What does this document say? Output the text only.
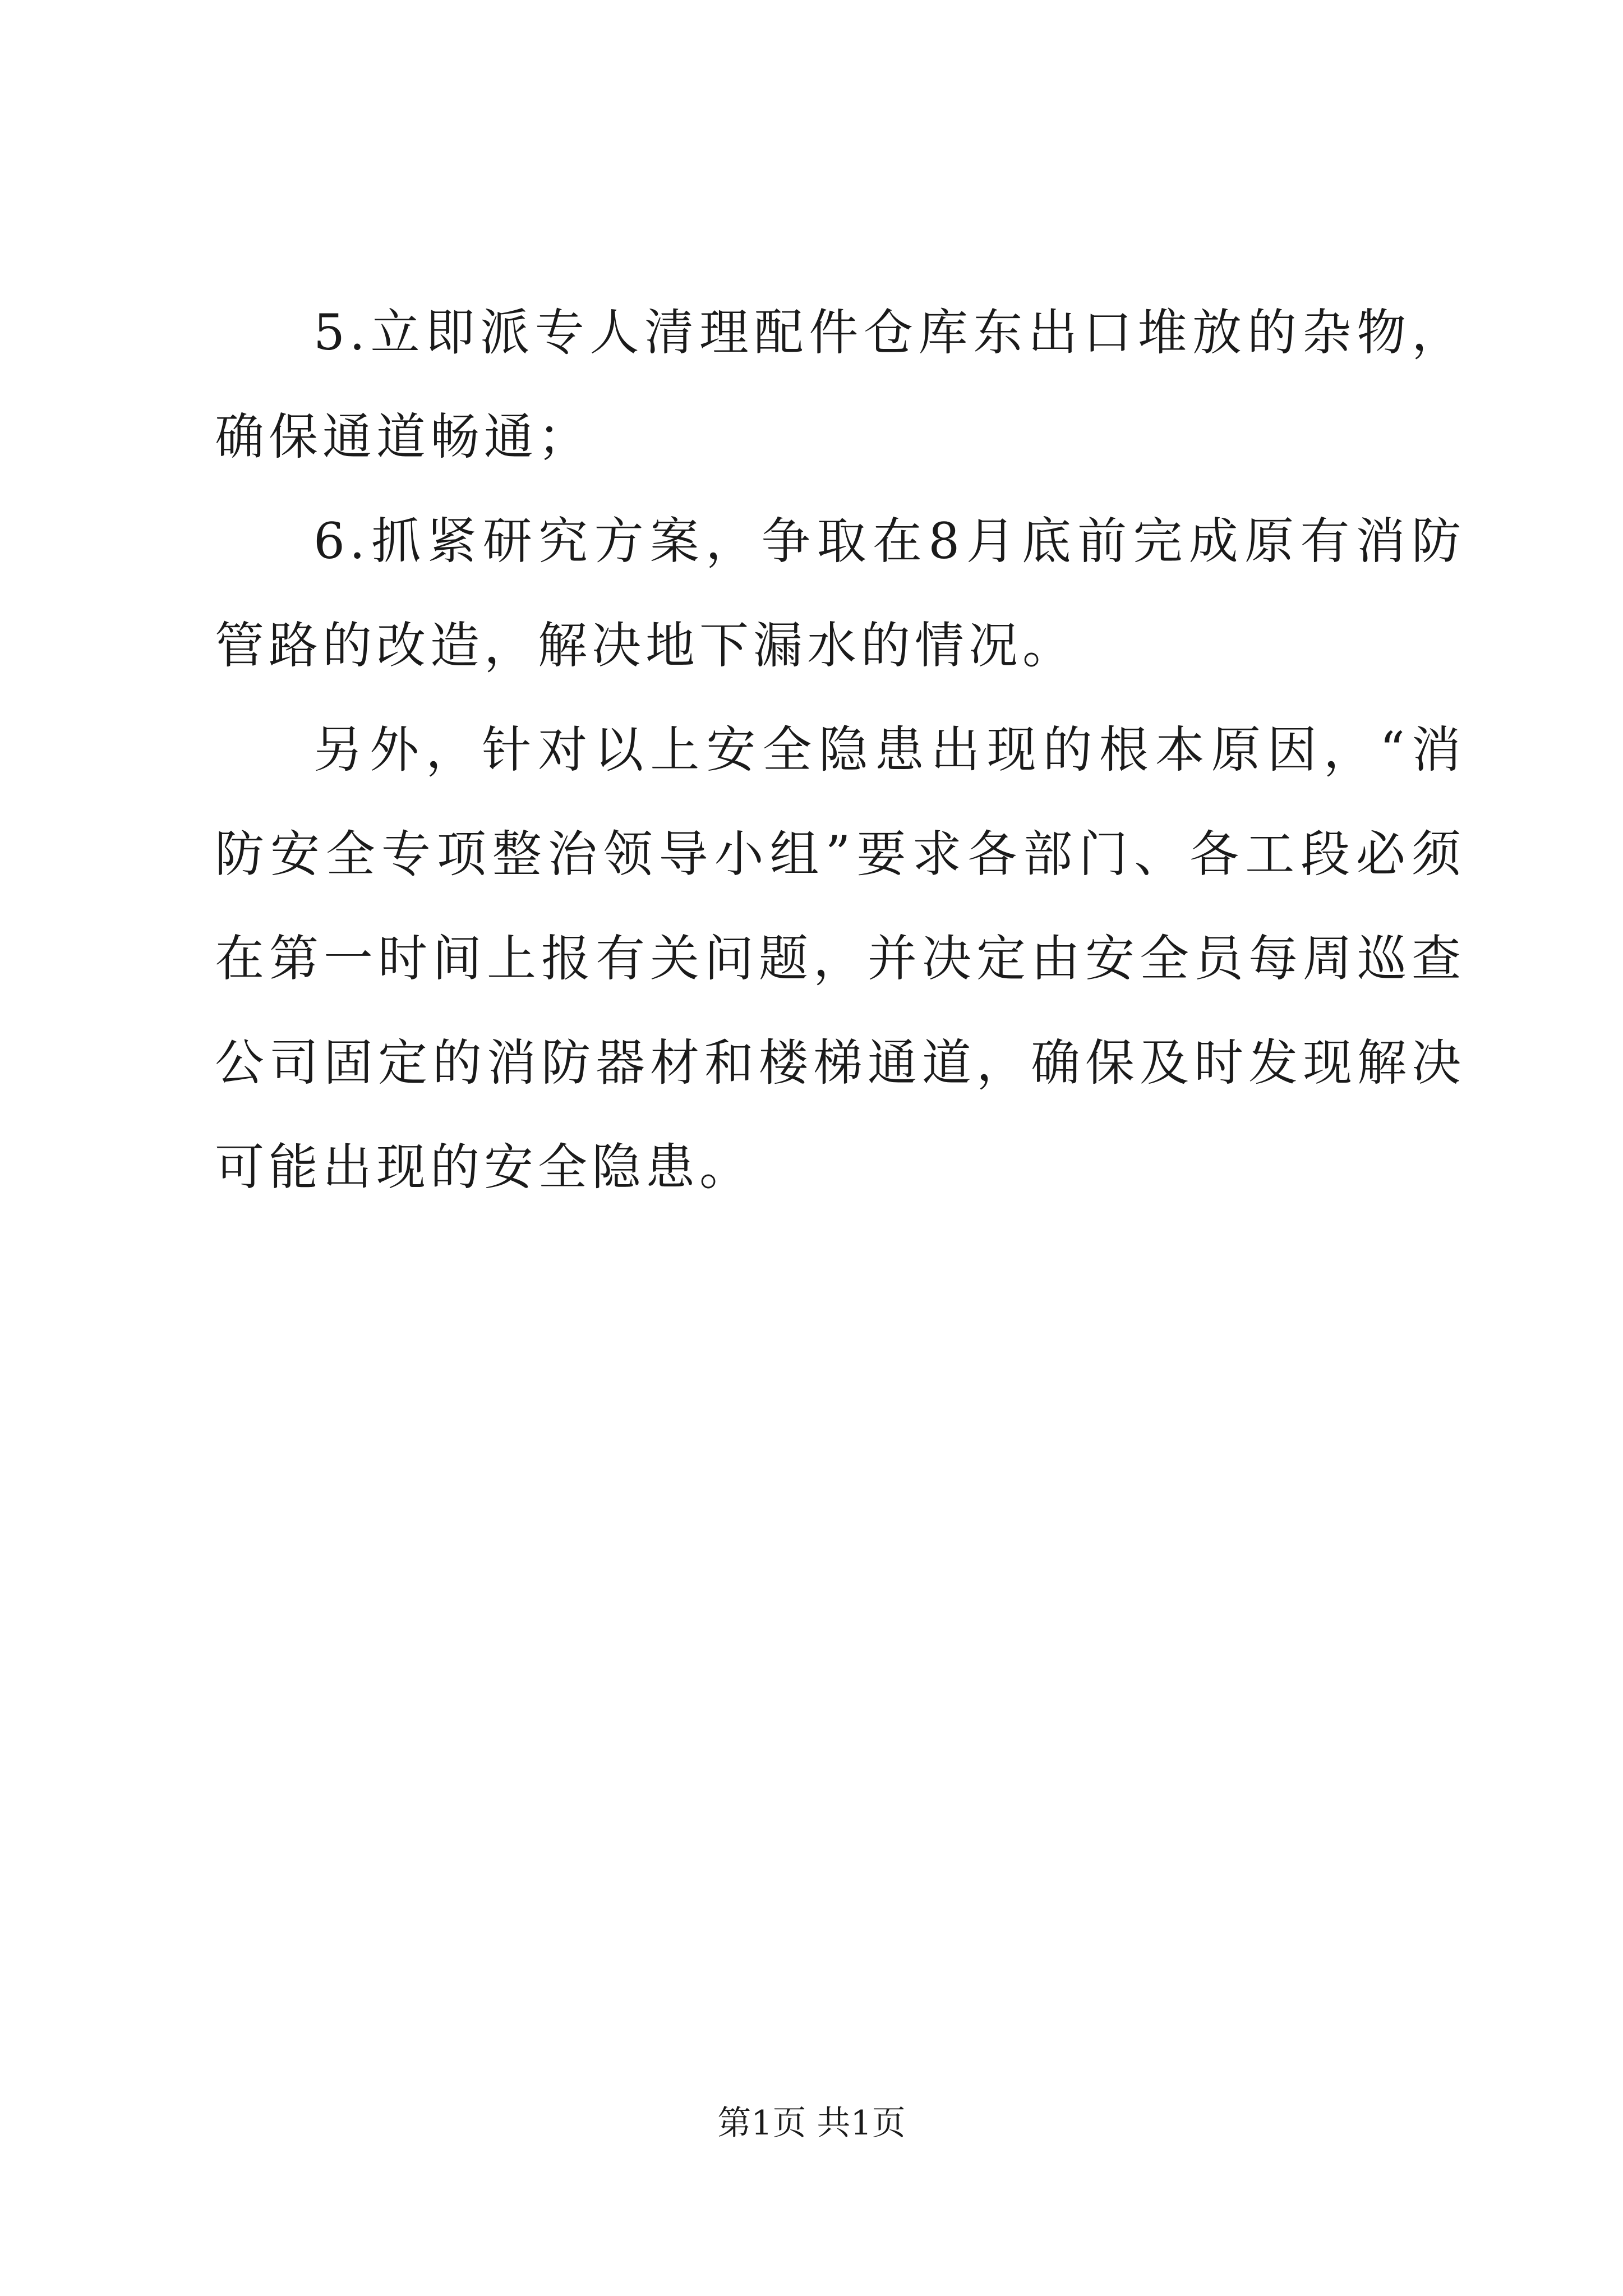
5.立即派专人清理配件仓库东出口堆放的杂物，确保通道畅通；

6.抓紧研究方案，争取在8月底前完成原有消防管路的改造，解决地下漏水的情况。

另外，针对以上安全隐患出现的根本原因，“消防安全专项整治领导小组”要求各部门、各工段必须在第一时间上报有关问题，并决定由安全员每周巡查公司固定的消防器材和楼梯通道，确保及时发现解决可能出现的安全隐患。

第1页 共1页
